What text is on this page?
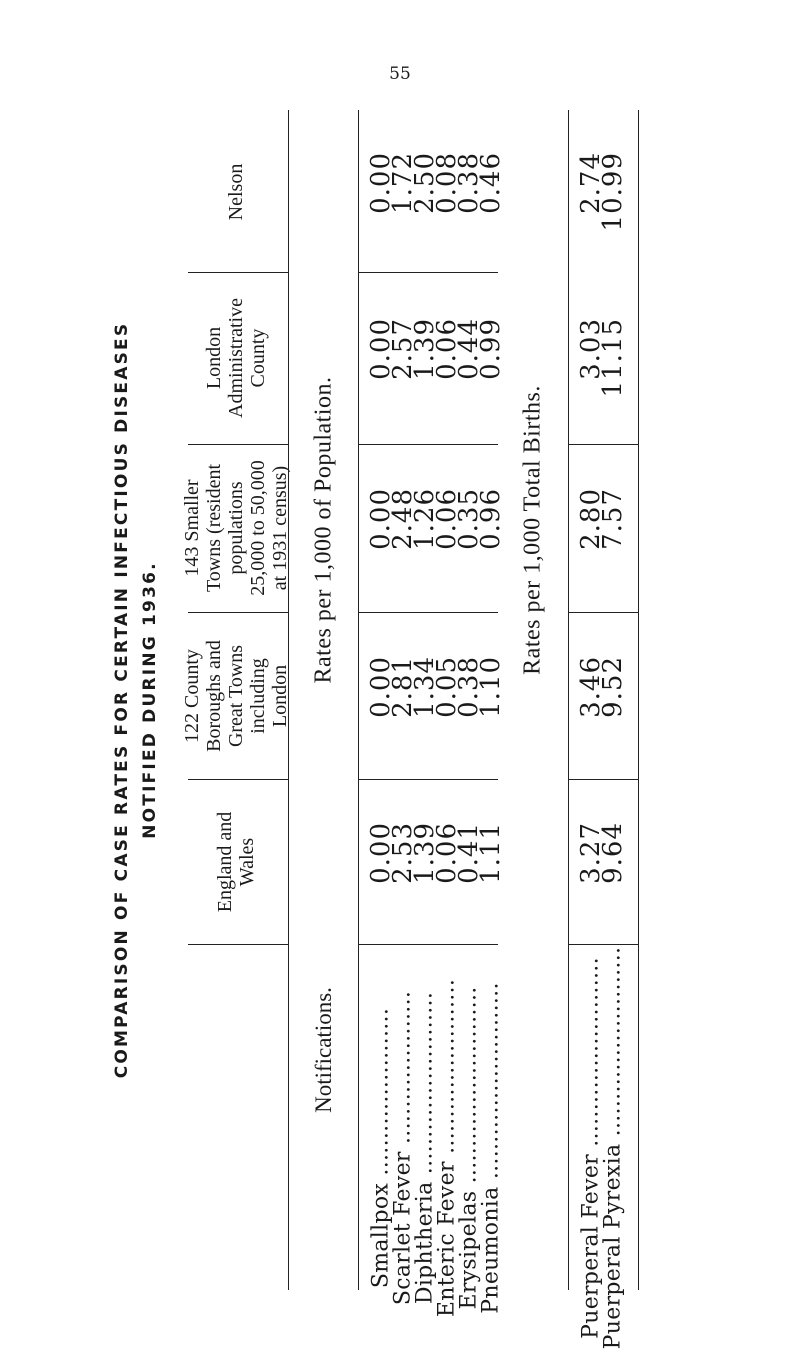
55
COMPARISON OF CASE RATES FOR CERTAIN INFECTIOUS DISEASES NOTIFIED DURING 1936.
Nelson
London
Administrative
County
143 Smaller
Towns (resident
populations
25,000 to 50,000
at 1931 census)
122 County
Boroughs and
Great Towns
including
London
England and
Wales
Notifications.
Rates per 1,000 of Population.	Rates per 1,000 Total Births.
Smallpox .......................
Scarlet Fever .....................
Diphtheria .........................
Enteric Fever ........................
Erysipelas ...........................
Pneumonia ...........................	Puerperal Fever ..........................
Puerperal Pyrexia ..........................
0.00
0.00
0.00
0.00
0.00
1.72
2.57
2.48
2.81
2.53
2.50
1.39
1.26
1.34
1.39
0.08
0.06
0.06
0.05
0.06
0.38
0.44
0.35
0.38
0.41
0.46
0.99
0.96
1.10
1.11
2.74
3.03
2.80
3.46
3.27
10.99
11.15
7.57
9.52
9.64
